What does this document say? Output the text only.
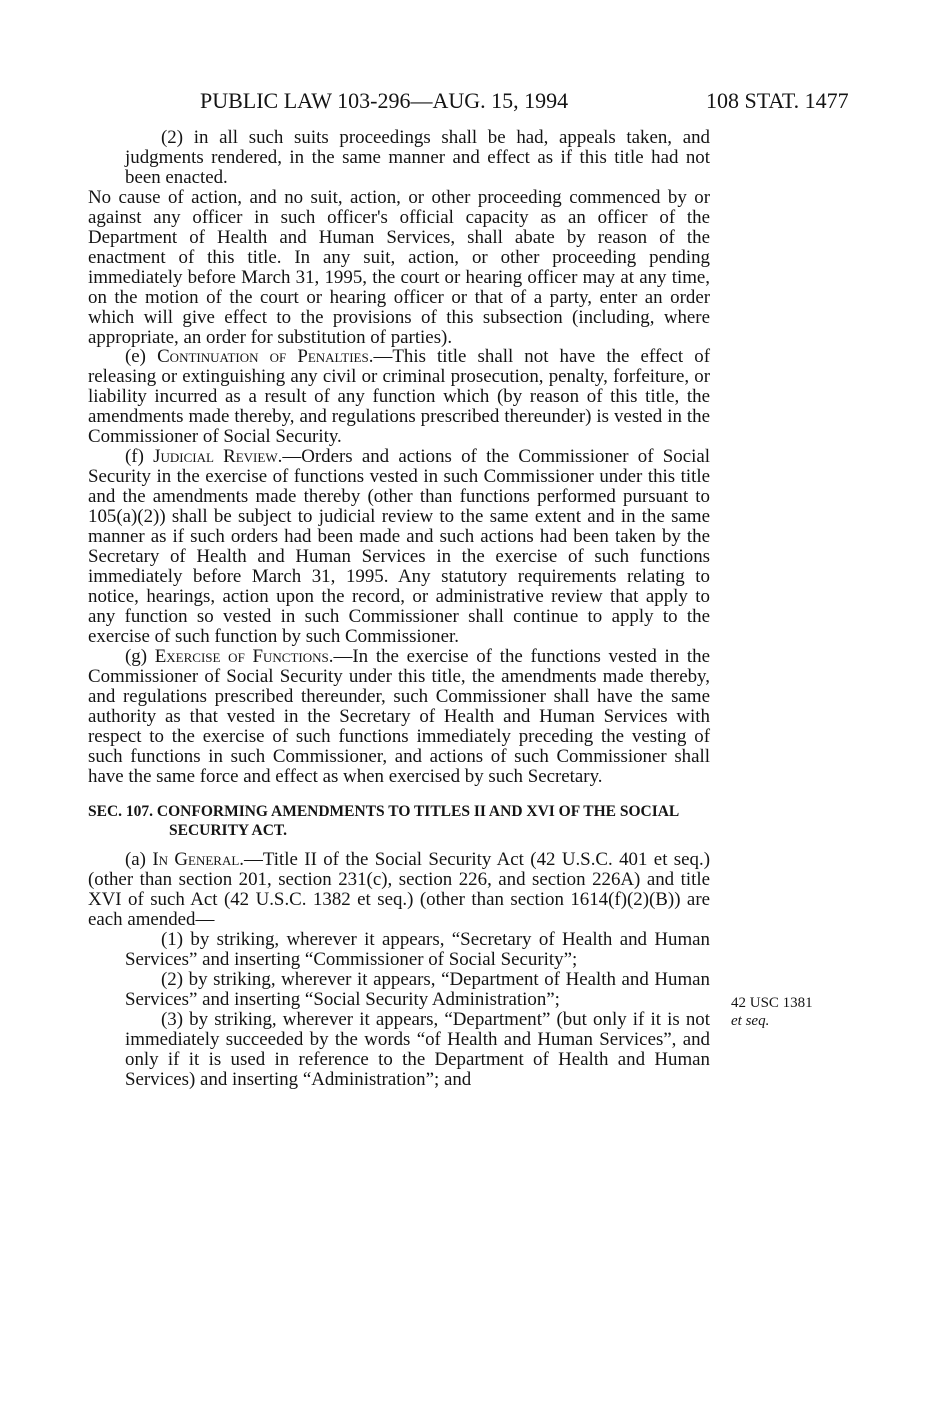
PUBLIC LAW 103-296—AUG. 15, 1994	108 STAT. 1477

(2) in all such suits proceedings shall be had, appeals taken, and judgments rendered, in the same manner and effect as if this title had not been enacted.

No cause of action, and no suit, action, or other proceeding commenced by or against any officer in such officer's official capacity as an officer of the Department of Health and Human Services, shall abate by reason of the enactment of this title. In any suit, action, or other proceeding pending immediately before March 31, 1995, the court or hearing officer may at any time, on the motion of the court or hearing officer or that of a party, enter an order which will give effect to the provisions of this subsection (including, where appropriate, an order for substitution of parties).

(e) Continuation of Penalties.—This title shall not have the effect of releasing or extinguishing any civil or criminal prosecution, penalty, forfeiture, or liability incurred as a result of any function which (by reason of this title, the amendments made thereby, and regulations prescribed thereunder) is vested in the Commissioner of Social Security.

(f) Judicial Review.—Orders and actions of the Commissioner of Social Security in the exercise of functions vested in such Commissioner under this title and the amendments made thereby (other than functions performed pursuant to 105(a)(2)) shall be subject to judicial review to the same extent and in the same manner as if such orders had been made and such actions had been taken by the Secretary of Health and Human Services in the exercise of such functions immediately before March 31, 1995. Any statutory requirements relating to notice, hearings, action upon the record, or administrative review that apply to any function so vested in such Commissioner shall continue to apply to the exercise of such function by such Commissioner.

(g) Exercise of Functions.—In the exercise of the functions vested in the Commissioner of Social Security under this title, the amendments made thereby, and regulations prescribed thereunder, such Commissioner shall have the same authority as that vested in the Secretary of Health and Human Services with respect to the exercise of such functions immediately preceding the vesting of such functions in such Commissioner, and actions of such Commissioner shall have the same force and effect as when exercised by such Secretary.

SEC. 107. CONFORMING AMENDMENTS TO TITLES II AND XVI OF THE SOCIAL SECURITY ACT.

(a) In General.—Title II of the Social Security Act (42 U.S.C. 401 et seq.) (other than section 201, section 231(c), section 226, and section 226A) and title XVI of such Act (42 U.S.C. 1382 et seq.) (other than section 1614(f)(2)(B)) are each amended—

(1) by striking, wherever it appears, “Secretary of Health and Human Services” and inserting “Commissioner of Social Security”;

(2) by striking, wherever it appears, “Department of Health and Human Services” and inserting “Social Security Administration”;

(3) by striking, wherever it appears, “Department” (but only if it is not immediately succeeded by the words “of Health and Human Services”, and only if it is used in reference to the Department of Health and Human Services) and inserting “Administration”; and

42 USC 1381
et seq.
